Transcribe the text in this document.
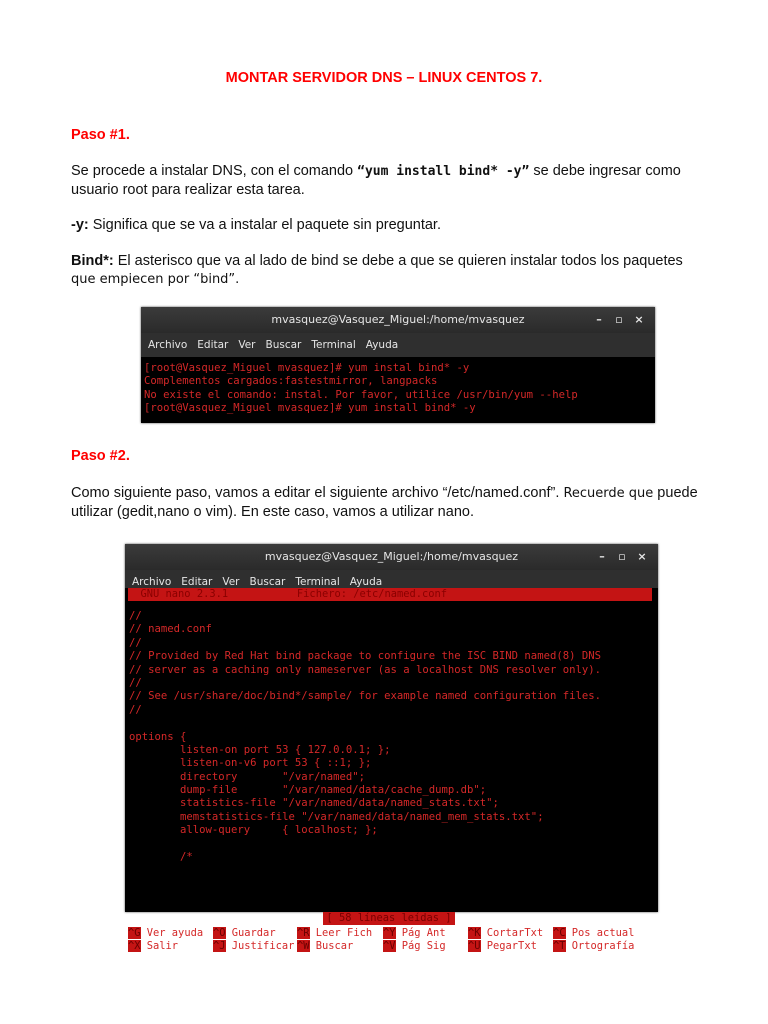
MONTAR SERVIDOR DNS – LINUX CENTOS 7.
Paso #1.
Se procede a instalar DNS, con el comando “yum install bind* -y” se debe ingresar como usuario root para realizar esta tarea.
-y: Significa que se va a instalar el paquete sin preguntar.
Bind*: El asterisco que va al lado de bind se debe a que se quieren instalar todos los paquetesque empiecen por “bind”.
mvasquez@Vasquez_Miguel:/home/mvasquez	– ▫ ×
Archivo Editar Ver Buscar Terminal Ayuda
[root@Vasquez_Miguel mvasquez]# yum instal bind* -y
Complementos cargados:fastestmirror, langpacks
No existe el comando: instal. Por favor, utilice /usr/bin/yum --help
[root@Vasquez_Miguel mvasquez]# yum install bind* -y
Paso #2.
Como siguiente paso, vamos a editar el siguiente archivo “/etc/named.conf”. Recuerde que puede utilizar (gedit,nano o vim). En este caso, vamos a utilizar nano.
mvasquez@Vasquez_Miguel:/home/mvasquez	– ▫ ×
Archivo Editar Ver Buscar Terminal Ayuda
GNU nano 2.3.1	Fichero: /etc/named.conf
//
// named.conf
//
// Provided by Red Hat bind package to configure the ISC BIND named(8) DNS
// server as a caching only nameserver (as a localhost DNS resolver only).
//
// See /usr/share/doc/bind*/sample/ for example named configuration files.
//
options {
listen-on port 53 { 127.0.0.1; };
listen-on-v6 port 53 { ::1; };
directory       "/var/named";
dump-file       "/var/named/data/cache_dump.db";
statistics-file "/var/named/data/named_stats.txt";
memstatistics-file "/var/named/data/named_mem_stats.txt";
allow-query     { localhost; };
/*
[ 58 líneas leídas ]
^G Ver ayuda ^O Guardar ^R Leer Fich ^Y Pág Ant ^K CortarTxt ^C Pos actual
^X Salir	^J Justificar ^W Buscar	^V Pág Sig ^U PegarTxt ^T Ortografía
